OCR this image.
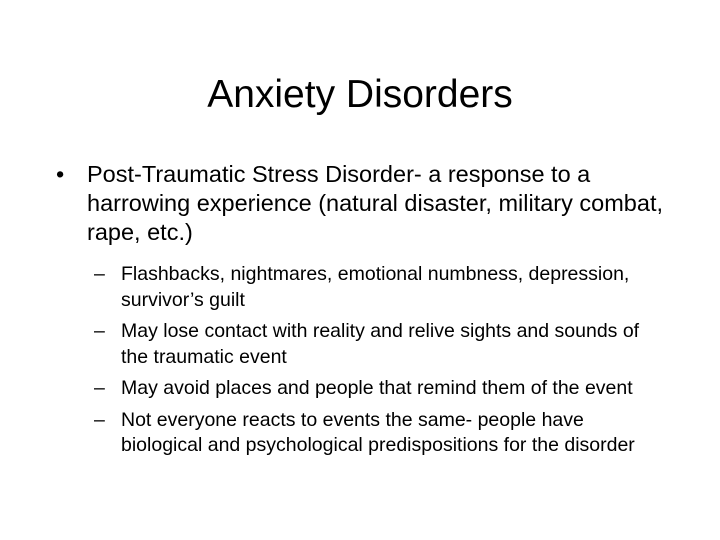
Anxiety Disorders
• Post-Traumatic Stress Disorder- a response to a harrowing experience (natural disaster, military combat, rape, etc.)
– Flashbacks, nightmares, emotional numbness, depression, survivor’s guilt
– May lose contact with reality and relive sights and sounds of the traumatic event
– May avoid places and people that remind them of the event
– Not everyone reacts to events the same- people have biological and psychological predispositions for the disorder
